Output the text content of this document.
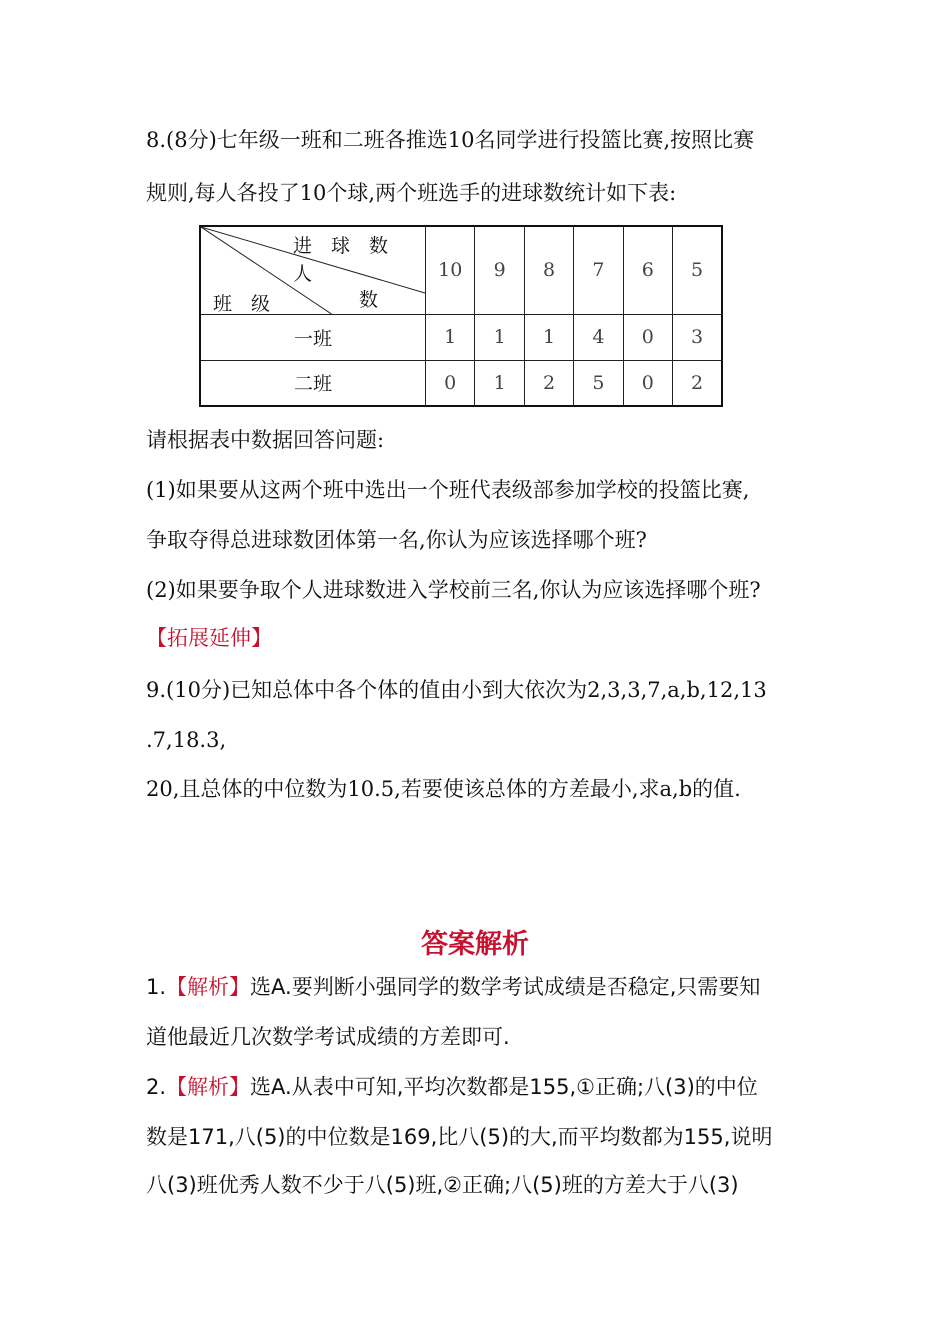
8.(8分)七年级一班和二班各推选10名同学进行投篮比赛,按照比赛
规则,每人各投了10个球,两个班选手的进球数统计如下表:
进　球　数
人
数
班　级	10	9	8	7	6	5
一班	1	1	1	4	0	3
二班	0	1	2	5	0	2
请根据表中数据回答问题:
(1)如果要从这两个班中选出一个班代表级部参加学校的投篮比赛,
争取夺得总进球数团体第一名,你认为应该选择哪个班?
(2)如果要争取个人进球数进入学校前三名,你认为应该选择哪个班?
【拓展延伸】
9.(10分)已知总体中各个体的值由小到大依次为2,3,3,7,a,b,12,13
.7,18.3,
20,且总体的中位数为10.5,若要使该总体的方差最小,求a,b的值.
答案解析
1.【解析】选A.要判断小强同学的数学考试成绩是否稳定,只需要知
道他最近几次数学考试成绩的方差即可.
2.【解析】选A.从表中可知,平均次数都是155,①正确;八(3)的中位
数是171,八(5)的中位数是169,比八(5)的大,而平均数都为155,说明
八(3)班优秀人数不少于八(5)班,②正确;八(5)班的方差大于八(3)
